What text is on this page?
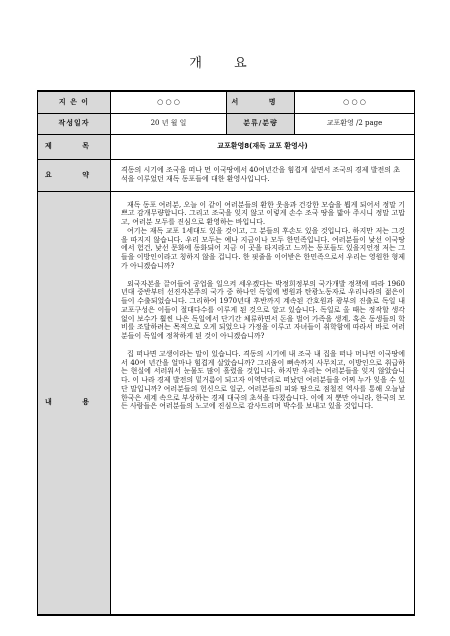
개 요
지 은 이	○ ○ ○	서 명	○ ○ ○
작성일자	20 년 월 일	분류/분량	교포환영 /2 page
제 목	교포환영8(재독 교포 환영사)		
요 약	격동의 시기에 조국을 떠나 먼 이국땅에서 40여년간을 힘겹게 살면서 조국의 경제 발전의 초석을 이루었던 재독 동포들에 대한 환영사입니다.		
내 용	재독 동포 여러분, 오늘 이 같이 여러분들의 환한 웃음과 건강한 모습을 뵙게 되어서 정말 기쁘고 감개무량합니다. 그리고 조국을 잊지 않고 이렇게 손수 조국 땅을 밟아 주시니 정말 고맙고, 여러분 모두를 진심으로 환영하는 바입니다.

여기는 재독 교포 1세대도 있을 것이고, 그 분들의 후손도 있을 것입니다. 하지만 저는 그것을 따지지 않습니다. 우리 모두는 예나 지금이나 모두 한민족입니다. 여러분들이 낯선 이국땅에서 험건, 낯선 문화에 동화되어 지금 이 곳을 타지라고 느끼는 동포들도 있을지언정 저는 그들을 이방인이라고 칭하지 않을 겁니다. 한 핏줄을 이어받은 한민족으로서 우리는 영원한 형제가 아니겠습니까?

외국자본을 끌어들여 공업을 일으켜 세우겠다는 박정희정부의 국가개발 정책에 따라 1960년대 중반부터 선진자본주의 국가 중 하나인 독일에 병원과 탄광노동자로 우리나라의 젊은이들이 수출되었습니다. 그리하여 1970년대 후반까지 계속된 간호원과 광부의 진출로 독일 내 교포구성은 이들이 절대다수를 이루게 된 것으로 알고 있습니다. 독일로 올 때는 정작할 생각 없이 보수가 훨씬 나은 독일에서 단기간 체류하면서 돈을 벌어 가족을 생계, 혹은 동생들의 학비를 조달하려는 목적으로 오게 되었으나 가정을 이루고 자녀들이 취학함에 따라서 바로 여러분들이 독일에 정착하게 된 것이 아니겠습니까?

집 떠나면 고생이라는 말이 있습니다. 격동의 시기에 내 조국 내 집을 떠나 머나먼 이국땅에서 40여 년간을 얼마나 힘겹게 살았습니까? 그리움이 뼈속까지 사무치고, 이방인으로 취급하는 현실에 서러워서 눈물도 많이 흘렸을 것입니다. 하지만 우리는 여러분들을 잊지 않았습니다. 이 나라 경제 발전의 밑거름이 되고자 이역만리로 떠났던 여러분들을 어찌 누가 잊을 수 있단 말입니까? 여러분들의 헌신으로 일군, 여러분들의 피와 땀으로 점철진 역사를 통해 오늘날 한국은 세계 속으로 부상하는 경제 대국의 초석을 다졌습니다. 이에 저 뿐만 아니라, 한국의 모든 사람들은 여러분들의 노고에 진심으로 감사드리며 박수를 보내고 있을 것입니다.		
